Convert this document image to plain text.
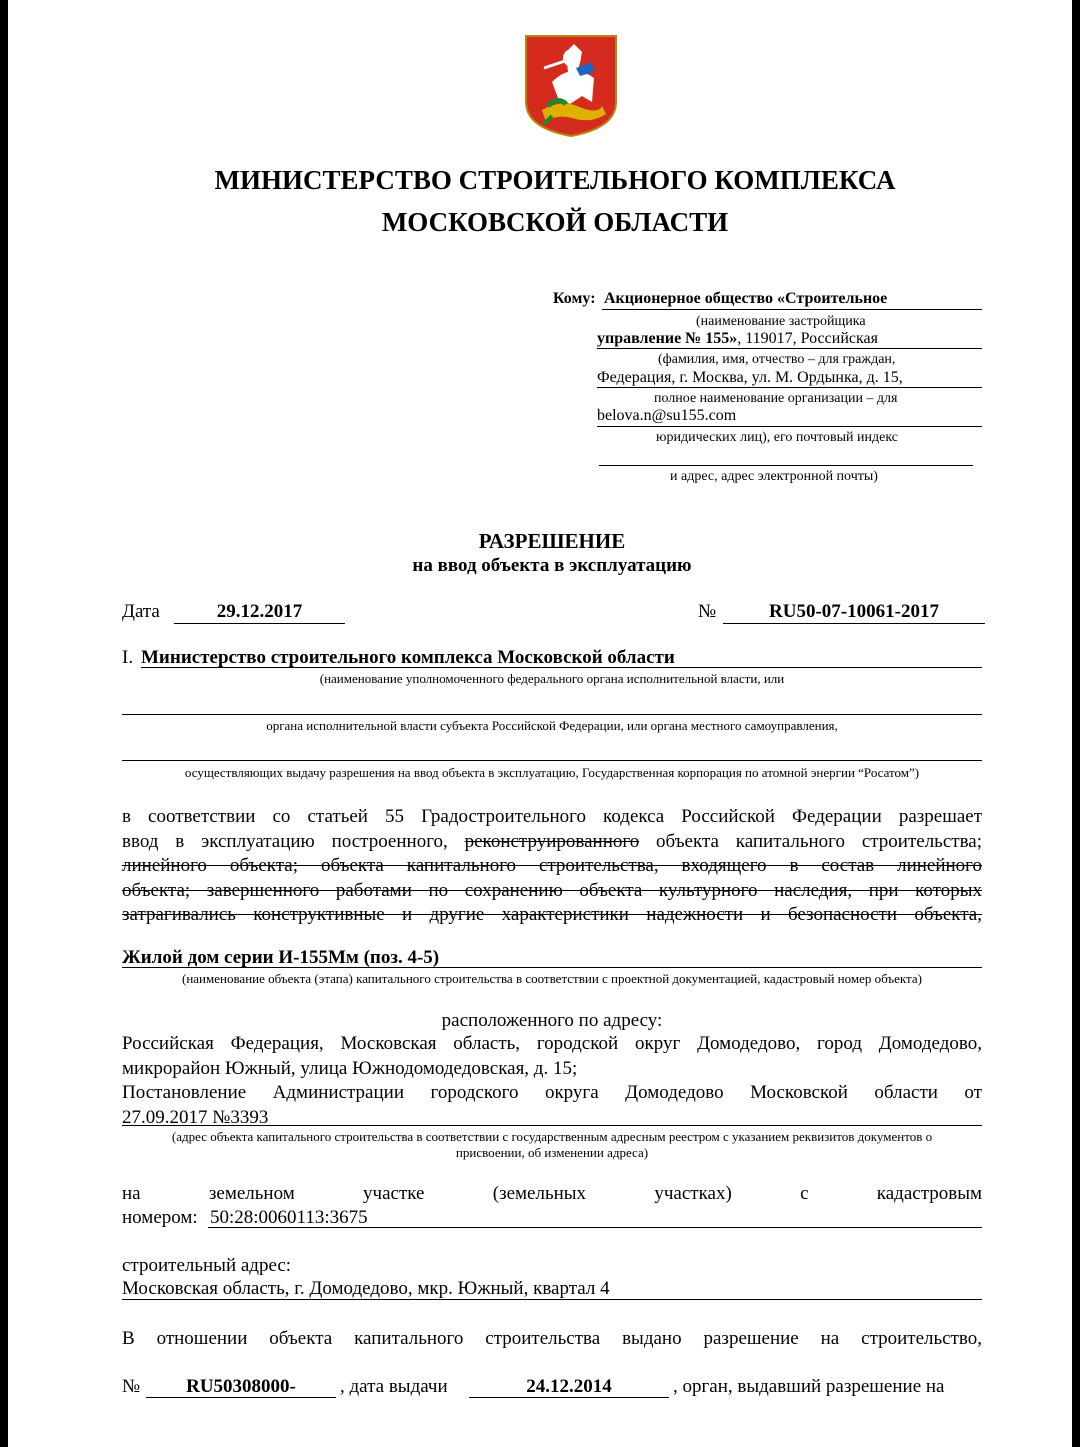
МИНИСТЕРСТВО СТРОИТЕЛЬНОГО КОМПЛЕКСА
МОСКОВСКОЙ ОБЛАСТИ
Кому: Акционерное общество «Строительное
(наименование застройщика
управление № 155», 119017, Российская
(фамилия, имя, отчество – для граждан,
Федерация, г. Москва, ул. М. Ордынка, д. 15,
полное наименование организации – для
belova.n@su155.com
юридических лиц), его почтовый индекс
и адрес, адрес электронной почты)
РАЗРЕШЕНИЕ
на ввод объекта в эксплуатацию
Дата	29.12.2017	№	RU50-07-10061-2017
I. Министерство строительного комплекса Московской области
(наименование уполномоченного федерального органа исполнительной власти, или
органа исполнительной власти субъекта Российской Федерации, или органа местного самоуправления,
осуществляющих выдачу разрешения на ввод объекта в эксплуатацию, Государственная корпорация по атомной энергии “Росатом”)
в соответствии со статьей 55 Градостроительного кодекса Российской Федерации разрешает
ввод в эксплуатацию построенного, реконструированного объекта капитального строительства;
линейного объекта; объекта капитального строительства, входящего в состав линейного
объекта; завершенного работами по сохранению объекта культурного наследия, при которых
затрагивались конструктивные и другие характеристики надежности и безопасности объекта,
Жилой дом серии И-155Мм (поз. 4-5)
(наименование объекта (этапа) капитального строительства в соответствии с проектной документацией, кадастровый номер объекта)
расположенного по адресу:
Российская Федерация, Московская область, городской округ Домодедово, город Домодедово,
микрорайон Южный, улица Южнодомодедовская, д. 15;
Постановление Администрации городского округа Домодедово Московской области от
27.09.2017 №3393
(адрес объекта капитального строительства в соответствии с государственным адресным реестром с указанием реквизитов документов о
присвоении, об изменении адреса)
на	земельном	участке	(земельных	участках)	с	кадастровым
номером: 50:28:0060113:3675
строительный адрес:
Московская область, г. Домодедово, мкр. Южный, квартал 4
В отношении объекта капитального строительства выдано разрешение на строительство,
№	RU50308000-	, дата выдачи	24.12.2014	, орган, выдавший разрешение на
